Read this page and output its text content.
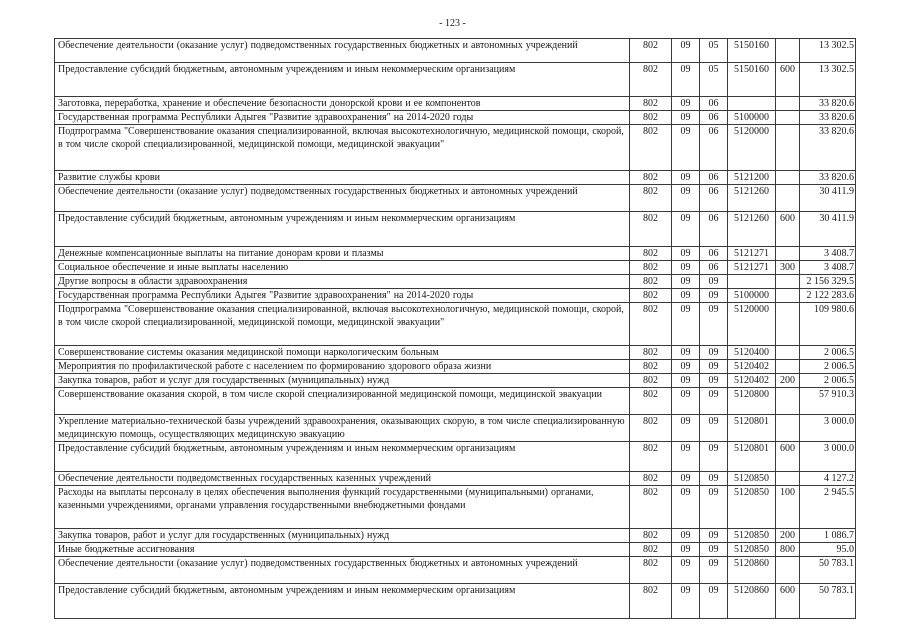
- 123 -
Обеспечение деятельности (оказание услуг) подведомственных государственных бюджетных и автономных учреждений	802	09	05	5150160		13 302.5
Предоставление субсидий бюджетным, автономным учреждениям и иным некоммерческим организациям	802	09	05	5150160	600	13 302.5
Заготовка, переработка, хранение и обеспечение безопасности донорской крови и ее компонентов	802	09	06			33 820.6
Государственная программа Республики Адыгея "Развитие здравоохранения" на 2014-2020 годы	802	09	06	5100000		33 820.6
Подпрограмма "Совершенствование оказания специализированной, включая высокотехнологичную, медицинской помощи, скорой, в том числе скорой специализированной, медицинской помощи, медицинской эвакуации"	802	09	06	5120000		33 820.6
Развитие службы крови	802	09	06	5121200		33 820.6
Обеспечение деятельности (оказание услуг) подведомственных государственных бюджетных и автономных учреждений	802	09	06	5121260		30 411.9
Предоставление субсидий бюджетным, автономным учреждениям и иным некоммерческим организациям	802	09	06	5121260	600	30 411.9
Денежные компенсационные выплаты на питание донорам крови и плазмы	802	09	06	5121271		3 408.7
Социальное обеспечение и иные выплаты населению	802	09	06	5121271	300	3 408.7
Другие вопросы в области здравоохранения	802	09	09			2 156 329.5
Государственная программа Республики Адыгея "Развитие здравоохранения" на 2014-2020 годы	802	09	09	5100000		2 122 283.6
Подпрограмма "Совершенствование оказания специализированной, включая высокотехнологичную, медицинской помощи, скорой, в том числе скорой специализированной, медицинской помощи, медицинской эвакуации"	802	09	09	5120000		109 980.6
Совершенствование системы оказания медицинской помощи наркологическим больным	802	09	09	5120400		2 006.5
Мероприятия по профилактической работе с населением по формированию здорового образа жизни	802	09	09	5120402		2 006.5
Закупка товаров, работ и услуг для государственных (муниципальных) нужд	802	09	09	5120402	200	2 006.5
Совершенствование оказания скорой, в том числе скорой специализированной медицинской помощи, медицинской эвакуации	802	09	09	5120800		57 910.3
Укрепление материально-технической базы учреждений здравоохранения, оказывающих скорую, в том числе специализированную медицинскую помощь, осуществляющих медицинскую эвакуацию	802	09	09	5120801		3 000.0
Предоставление субсидий бюджетным, автономным учреждениям и иным некоммерческим организациям	802	09	09	5120801	600	3 000.0
Обеспечение деятельности подведомственных государственных казенных учреждений	802	09	09	5120850		4 127.2
Расходы на выплаты персоналу в целях обеспечения выполнения функций государственными (муниципальными) органами, казенными учреждениями, органами управления государственными внебюджетными фондами	802	09	09	5120850	100	2 945.5
Закупка товаров, работ и услуг для государственных (муниципальных) нужд	802	09	09	5120850	200	1 086.7
Иные бюджетные ассигнования	802	09	09	5120850	800	95.0
Обеспечение деятельности (оказание услуг) подведомственных государственных бюджетных и автономных учреждений	802	09	09	5120860		50 783.1
Предоставление субсидий бюджетным, автономным учреждениям и иным некоммерческим организациям	802	09	09	5120860	600	50 783.1
